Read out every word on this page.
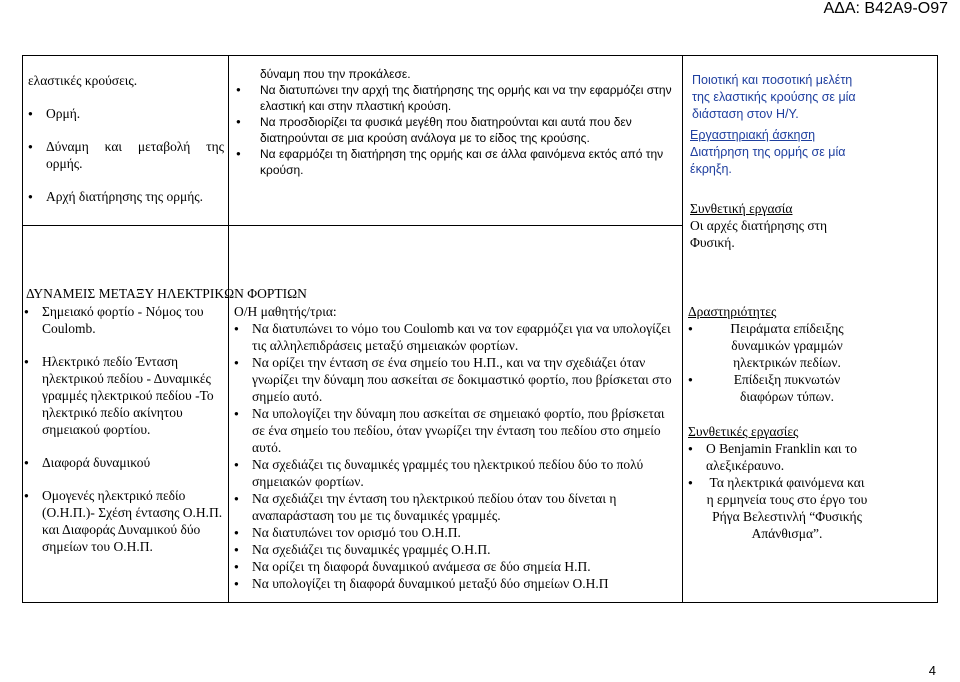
ΑΔΑ: Β42Α9-Ο97
ελαστικές κρούσεις.
● Ορμή.
● Δύναμη και μεταβολή της ορμής.
● Αρχή διατήρησης της ορμής.
δύναμη που την προκάλεσε.
● Να διατυπώνει την αρχή της διατήρησης της ορμής και να την εφαρμόζει στην ελαστική και στην πλαστική κρούση.
● Να προσδιορίζει τα φυσικά μεγέθη που διατηρούνται και αυτά που δεν διατηρούνται σε μια κρούση ανάλογα με το είδος της κρούσης.
● Να εφαρμόζει τη διατήρηση της ορμής και σε άλλα φαινόμενα εκτός από την κρούση.
Ποιοτική και ποσοτική μελέτη της ελαστικής κρούσης σε μία διάσταση στον Η/Υ.
Εργαστηριακή άσκηση
Διατήρηση της ορμής σε μία έκρηξη.
Συνθετική εργασία
Οι αρχές διατήρησης στη Φυσική.
ΔΥΝΑΜΕΙΣ ΜΕΤΑΞΥ ΗΛΕΚΤΡΙΚΩΝ ΦΟΡΤΙΩΝ
● Σημειακό φορτίο - Νόμος του Coulomb.
● Ηλεκτρικό πεδίο Ένταση ηλεκτρικού πεδίου - Δυναμικές γραμμές ηλεκτρικού πεδίου -Το ηλεκτρικό πεδίο ακίνητου σημειακού φορτίου.
● Διαφορά δυναμικού
● Ομογενές ηλεκτρικό πεδίο (Ο.Η.Π.)- Σχέση έντασης Ο.Η.Π. και Διαφοράς Δυναμικού δύο σημείων του Ο.Η.Π.
Ο/Η μαθητής/τρια:
● Να διατυπώνει το νόμο του Coulomb και να τον εφαρμόζει για να υπολογίζει τις αλληλεπιδράσεις μεταξύ σημειακών φορτίων.
● Να ορίζει την ένταση σε ένα σημείο του Η.Π., και να την σχεδιάζει όταν γνωρίζει την δύναμη που ασκείται σε δοκιμαστικό φορτίο, που βρίσκεται στο σημείο αυτό.
● Να υπολογίζει την δύναμη που ασκείται σε σημειακό φορτίο, που βρίσκεται σε ένα σημείο του πεδίου, όταν γνωρίζει την ένταση του πεδίου στο σημείο αυτό.
● Να σχεδιάζει τις δυναμικές γραμμές του ηλεκτρικού πεδίου δύο το πολύ σημειακών φορτίων.
● Να σχεδιάζει την ένταση του ηλεκτρικού πεδίου όταν του δίνεται η αναπαράσταση του με τις δυναμικές γραμμές.
● Να διατυπώνει τον ορισμό του Ο.Η.Π.
● Να σχεδιάζει τις δυναμικές γραμμές Ο.Η.Π.
● Να ορίζει τη διαφορά δυναμικού ανάμεσα σε δύο σημεία Η.Π.
● Να υπολογίζει τη διαφορά δυναμικού μεταξύ δύο σημείων Ο.Η.Π
Δραστηριότητες
● Πειράματα επίδειξης δυναμικών γραμμών ηλεκτρικών πεδίων.
● Επίδειξη πυκνωτών διαφόρων τύπων.
Συνθετικές εργασίες
● Ο Benjamin Franklin και το αλεξικέραυνο.
● Τα ηλεκτρικά φαινόμενα και η ερμηνεία τους στο έργο του Ρήγα Βελεστινλή “Φυσικής Απάνθισμα”.
4
